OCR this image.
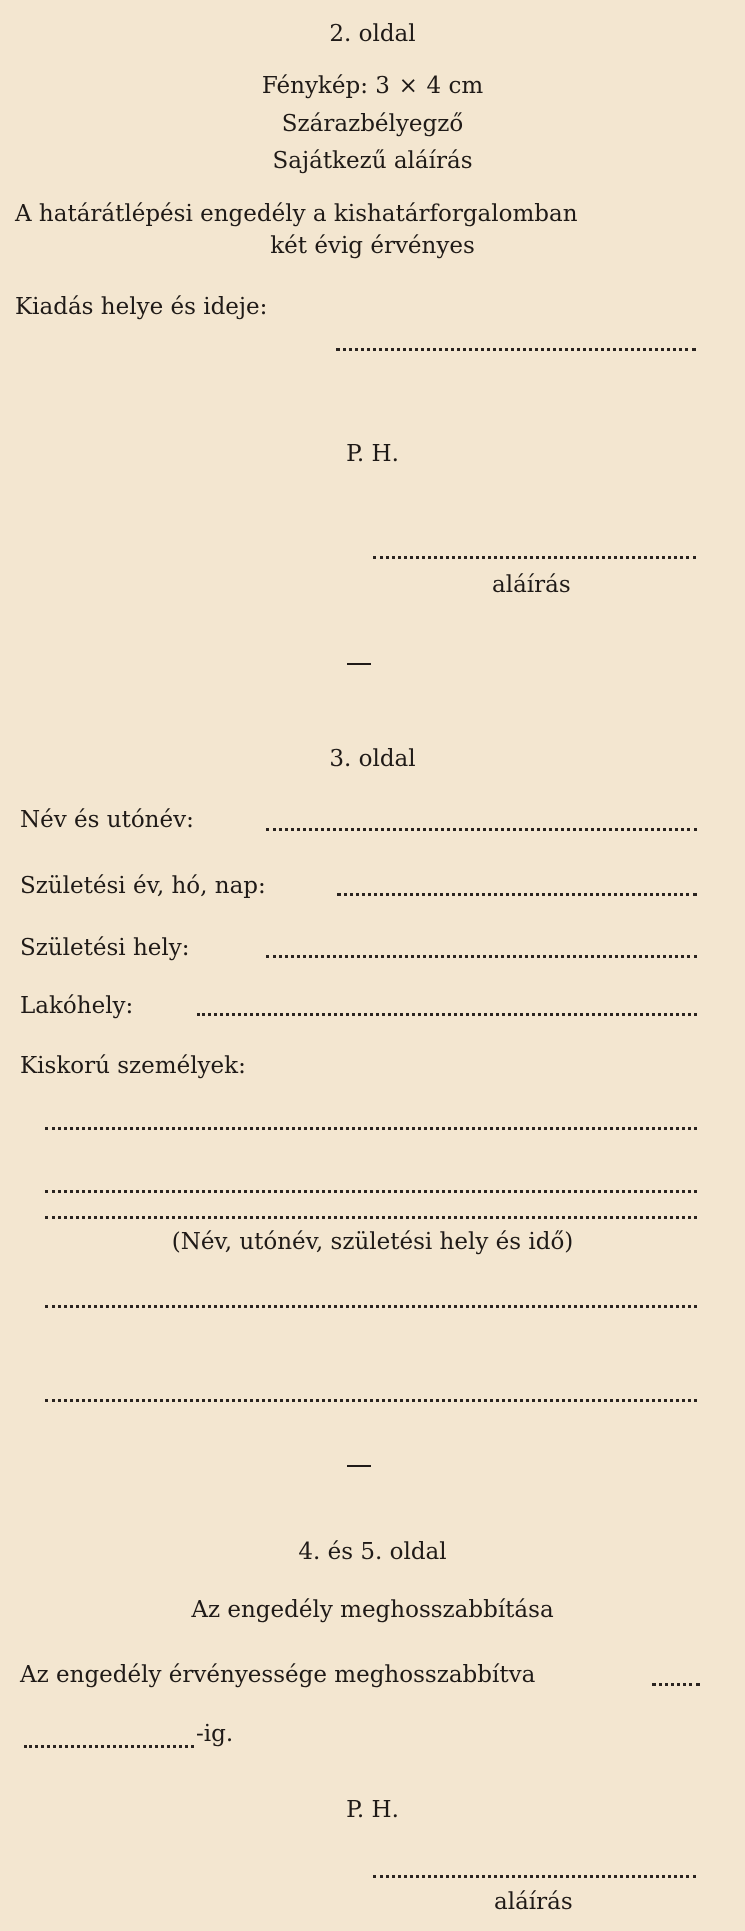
2. oldal
Fénykép: 3 × 4 cm
Szárazbélyegző
Sajátkezű aláírás
A határátlépési engedély a kishatárforgalomban
két évig érvényes
Kiadás helye és ideje:
P. H.
aláírás
3. oldal
Név és utónév:
Születési év, hó, nap:
Születési hely:
Lakóhely:
Kiskorú személyek:
(Név, utónév, születési hely és idő)
4. és 5. oldal
Az engedély meghosszabbítása
Az engedély érvényessége meghosszabbítva
-ig.
P. H.
aláírás
